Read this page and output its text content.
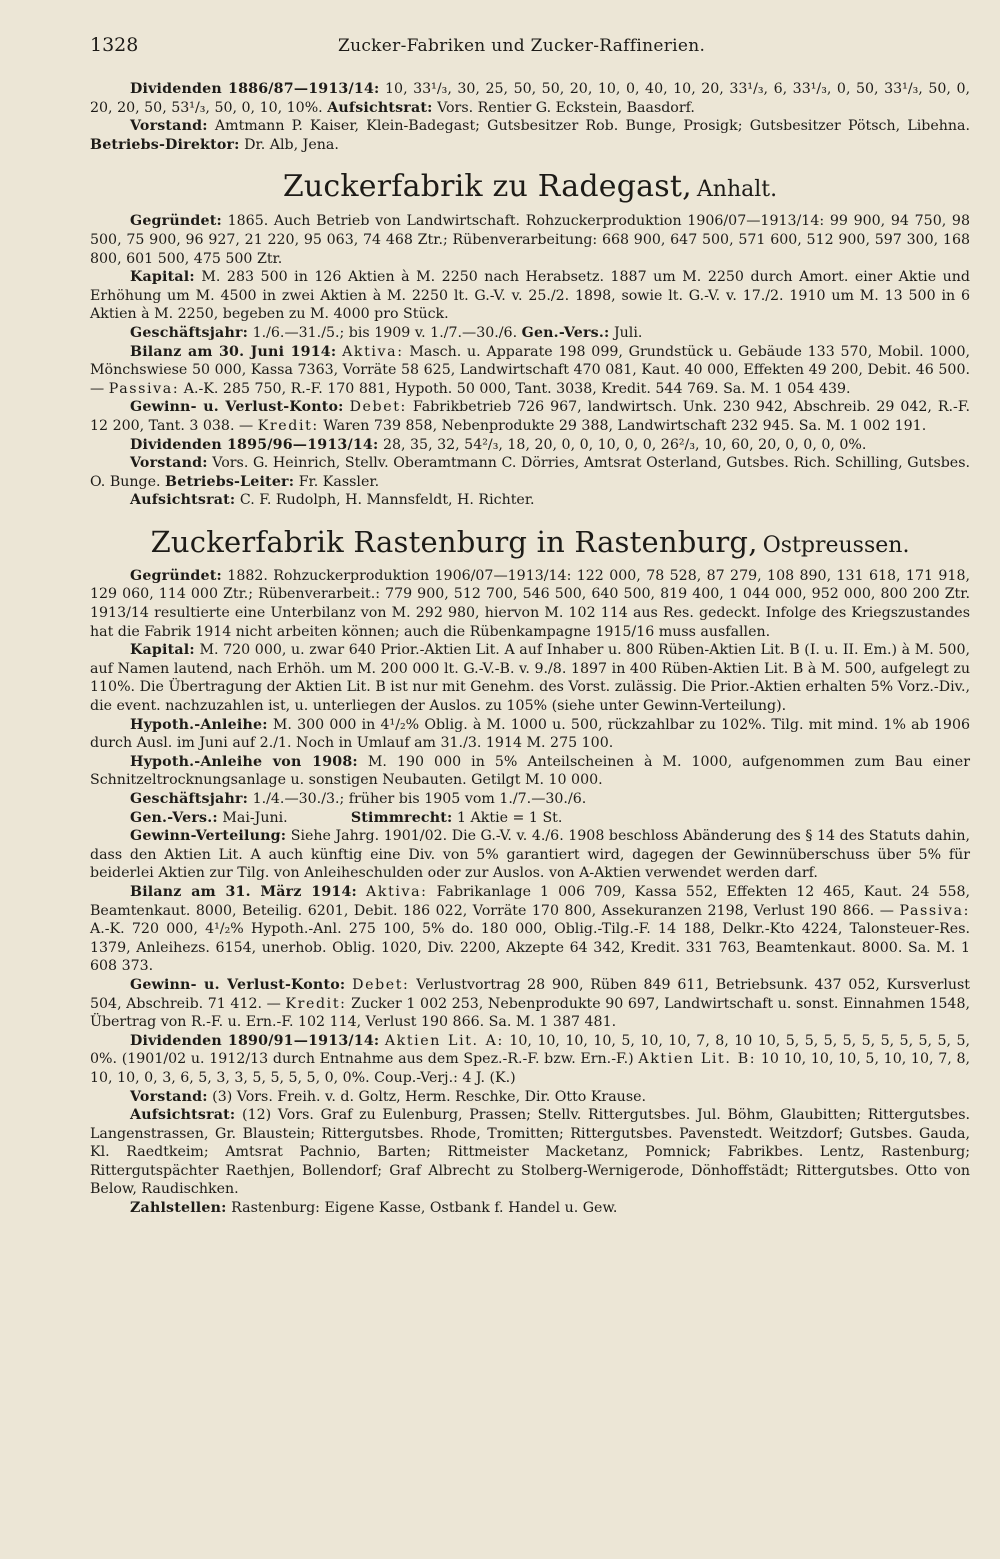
1328	Zucker-Fabriken und Zucker-Raffinerien.

Dividenden 1886/87—1913/14: 10, 33¹/₃, 30, 25, 50, 50, 20, 10, 0, 40, 10, 20, 33¹/₃, 6, 33¹/₃, 0, 50, 33¹/₃, 50, 0, 20, 20, 50, 53¹/₃, 50, 0, 10, 10%. Aufsichtsrat: Vors. Rentier G. Eckstein, Baasdorf.

Vorstand: Amtmann P. Kaiser, Klein-Badegast; Gutsbesitzer Rob. Bunge, Prosigk; Gutsbesitzer Pötsch, Libehna. Betriebs-Direktor: Dr. Alb, Jena.

Zuckerfabrik zu Radegast, Anhalt.

Gegründet: 1865. Auch Betrieb von Landwirtschaft. Rohzuckerproduktion 1906/07—1913/14: 99 900, 94 750, 98 500, 75 900, 96 927, 21 220, 95 063, 74 468 Ztr.; Rübenverarbeitung: 668 900, 647 500, 571 600, 512 900, 597 300, 168 800, 601 500, 475 500 Ztr.

Kapital: M. 283 500 in 126 Aktien à M. 2250 nach Herabsetz. 1887 um M. 2250 durch Amort. einer Aktie und Erhöhung um M. 4500 in zwei Aktien à M. 2250 lt. G.-V. v. 25./2. 1898, sowie lt. G.-V. v. 17./2. 1910 um M. 13 500 in 6 Aktien à M. 2250, begeben zu M. 4000 pro Stück.

Geschäftsjahr: 1./6.—31./5.; bis 1909 v. 1./7.—30./6. Gen.-Vers.: Juli.

Bilanz am 30. Juni 1914: Aktiva: Masch. u. Apparate 198 099, Grundstück u. Gebäude 133 570, Mobil. 1000, Mönchswiese 50 000, Kassa 7363, Vorräte 58 625, Landwirtschaft 470 081, Kaut. 40 000, Effekten 49 200, Debit. 46 500. — Passiva: A.-K. 285 750, R.-F. 170 881, Hypoth. 50 000, Tant. 3038, Kredit. 544 769. Sa. M. 1 054 439.

Gewinn- u. Verlust-Konto: Debet: Fabrikbetrieb 726 967, landwirtsch. Unk. 230 942, Abschreib. 29 042, R.-F. 12 200, Tant. 3 038. — Kredit: Waren 739 858, Nebenprodukte 29 388, Landwirtschaft 232 945. Sa. M. 1 002 191.

Dividenden 1895/96—1913/14: 28, 35, 32, 54²/₃, 18, 20, 0, 0, 10, 0, 0, 26²/₃, 10, 60, 20, 0, 0, 0, 0%.

Vorstand: Vors. G. Heinrich, Stellv. Oberamtmann C. Dörries, Amtsrat Osterland, Gutsbes. Rich. Schilling, Gutsbes. O. Bunge. Betriebs-Leiter: Fr. Kassler.

Aufsichtsrat: C. F. Rudolph, H. Mannsfeldt, H. Richter.

Zuckerfabrik Rastenburg in Rastenburg, Ostpreussen.

Gegründet: 1882. Rohzuckerproduktion 1906/07—1913/14: 122 000, 78 528, 87 279, 108 890, 131 618, 171 918, 129 060, 114 000 Ztr.; Rübenverarbeit.: 779 900, 512 700, 546 500, 640 500, 819 400, 1 044 000, 952 000, 800 200 Ztr. 1913/14 resultierte eine Unterbilanz von M. 292 980, hiervon M. 102 114 aus Res. gedeckt. Infolge des Kriegszustandes hat die Fabrik 1914 nicht arbeiten können; auch die Rübenkampagne 1915/16 muss ausfallen.

Kapital: M. 720 000, u. zwar 640 Prior.-Aktien Lit. A auf Inhaber u. 800 Rüben-Aktien Lit. B (I. u. II. Em.) à M. 500, auf Namen lautend, nach Erhöh. um M. 200 000 lt. G.-V.-B. v. 9./8. 1897 in 400 Rüben-Aktien Lit. B à M. 500, aufgelegt zu 110%. Die Übertragung der Aktien Lit. B ist nur mit Genehm. des Vorst. zulässig. Die Prior.-Aktien erhalten 5% Vorz.-Div., die event. nachzuzahlen ist, u. unterliegen der Auslos. zu 105% (siehe unter Gewinn-Verteilung).

Hypoth.-Anleihe: M. 300 000 in 4¹/₂% Oblig. à M. 1000 u. 500, rückzahlbar zu 102%. Tilg. mit mind. 1% ab 1906 durch Ausl. im Juni auf 2./1. Noch in Umlauf am 31./3. 1914 M. 275 100.

Hypoth.-Anleihe von 1908: M. 190 000 in 5% Anteilscheinen à M. 1000, aufgenommen zum Bau einer Schnitzeltrocknungsanlage u. sonstigen Neubauten. Getilgt M. 10 000.

Geschäftsjahr: 1./4.—30./3.; früher bis 1905 vom 1./7.—30./6.

Gen.-Vers.: Mai-Juni.	Stimmrecht: 1 Aktie = 1 St.

Gewinn-Verteilung: Siehe Jahrg. 1901/02. Die G.-V. v. 4./6. 1908 beschloss Abänderung des § 14 des Statuts dahin, dass den Aktien Lit. A auch künftig eine Div. von 5% garantiert wird, dagegen der Gewinnüberschuss über 5% für beiderlei Aktien zur Tilg. von Anleiheschulden oder zur Auslos. von A-Aktien verwendet werden darf.

Bilanz am 31. März 1914: Aktiva: Fabrikanlage 1 006 709, Kassa 552, Effekten 12 465, Kaut. 24 558, Beamtenkaut. 8000, Beteilig. 6201, Debit. 186 022, Vorräte 170 800, Assekuranzen 2198, Verlust 190 866. — Passiva: A.-K. 720 000, 4¹/₂% Hypoth.-Anl. 275 100, 5% do. 180 000, Oblig.-Tilg.-F. 14 188, Delkr.-Kto 4224, Talonsteuer-Res. 1379, Anleihezs. 6154, unerhob. Oblig. 1020, Div. 2200, Akzepte 64 342, Kredit. 331 763, Beamtenkaut. 8000. Sa. M. 1 608 373.

Gewinn- u. Verlust-Konto: Debet: Verlustvortrag 28 900, Rüben 849 611, Betriebsunk. 437 052, Kursverlust 504, Abschreib. 71 412. — Kredit: Zucker 1 002 253, Nebenprodukte 90 697, Landwirtschaft u. sonst. Einnahmen 1548, Übertrag von R.-F. u. Ern.-F. 102 114, Verlust 190 866. Sa. M. 1 387 481.

Dividenden 1890/91—1913/14: Aktien Lit. A: 10, 10, 10, 10, 5, 10, 10, 7, 8, 10 10, 5, 5, 5, 5, 5, 5, 5, 5, 5, 5, 0%. (1901/02 u. 1912/13 durch Entnahme aus dem Spez.-R.-F. bzw. Ern.-F.) Aktien Lit. B: 10 10, 10, 10, 5, 10, 10, 7, 8, 10, 10, 0, 3, 6, 5, 3, 3, 5, 5, 5, 5, 0, 0%. Coup.-Verj.: 4 J. (K.)

Vorstand: (3) Vors. Freih. v. d. Goltz, Herm. Reschke, Dir. Otto Krause.

Aufsichtsrat: (12) Vors. Graf zu Eulenburg, Prassen; Stellv. Rittergutsbes. Jul. Böhm, Glaubitten; Rittergutsbes. Langenstrassen, Gr. Blaustein; Rittergutsbes. Rhode, Tromitten; Rittergutsbes. Pavenstedt. Weitzdorf; Gutsbes. Gauda, Kl. Raedtkeim; Amtsrat Pachnio, Barten; Rittmeister Macketanz, Pomnick; Fabrikbes. Lentz, Rastenburg; Rittergutspächter Raethjen, Bollendorf; Graf Albrecht zu Stolberg-Wernigerode, Dönhoffstädt; Rittergutsbes. Otto von Below, Raudischken.

Zahlstellen: Rastenburg: Eigene Kasse, Ostbank f. Handel u. Gew.
